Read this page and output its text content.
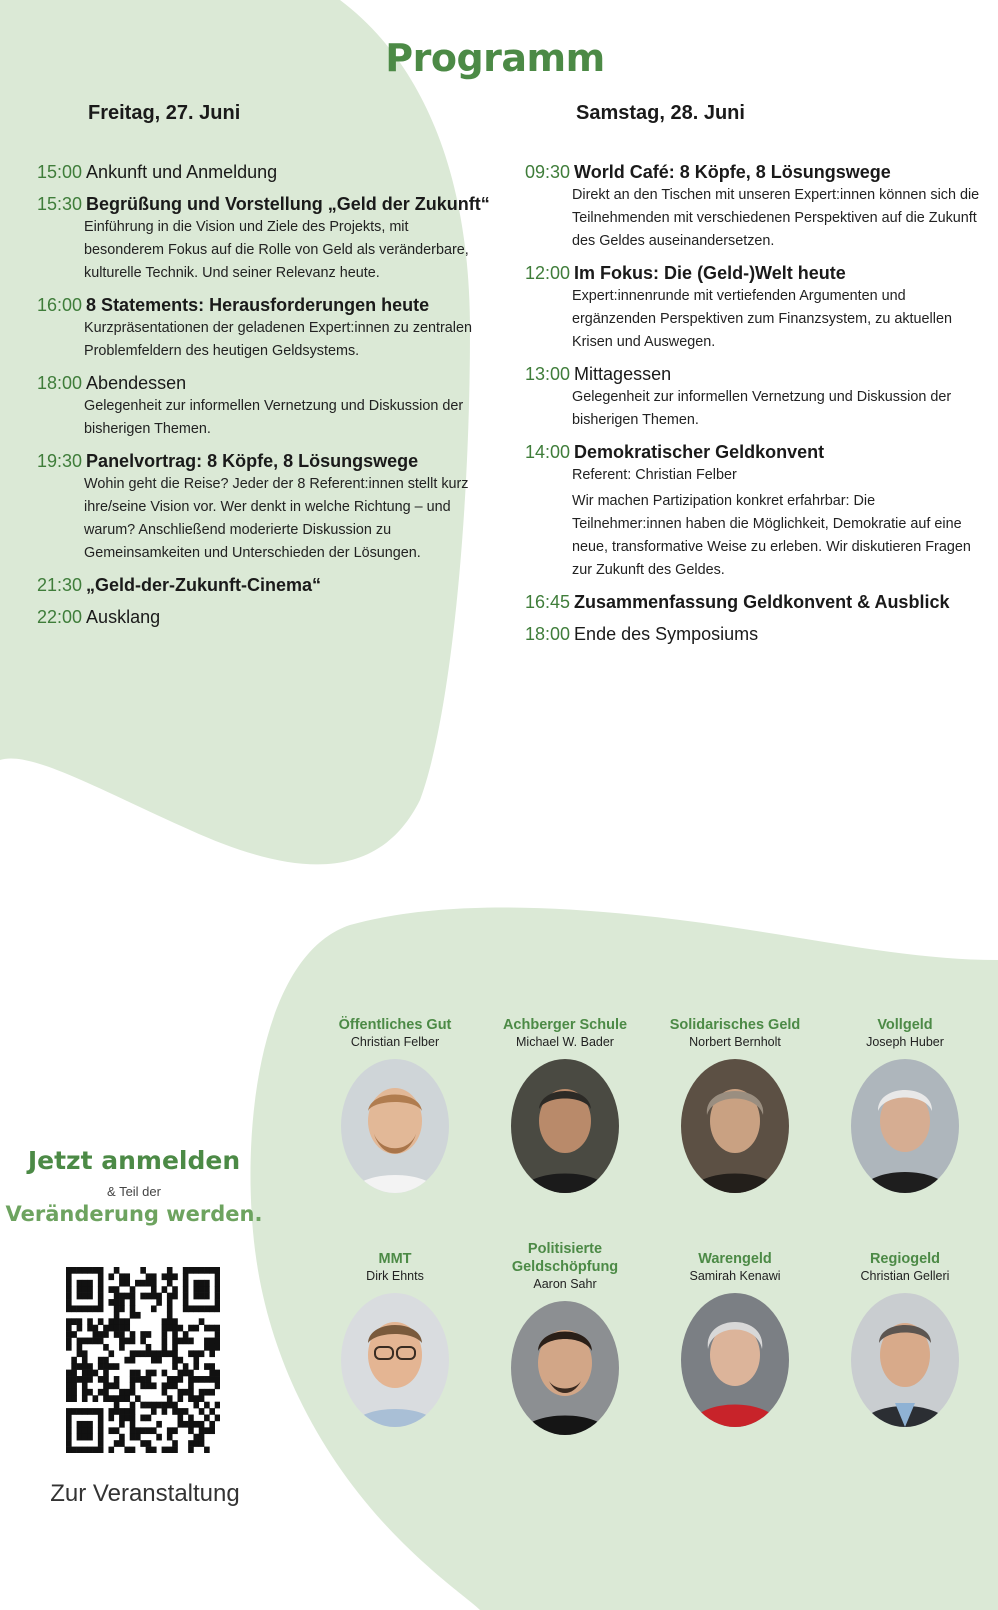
Programm
Freitag, 27. Juni	Samstag, 28. Juni
15:00 Ankunft und Anmeldung
15:30 Begrüßung und Vorstellung „Geld der Zukunft“

Einführung in die Vision und Ziele des Projekts, mit besonderem Fokus auf die Rolle von Geld als veränderbare, kulturelle Technik. Und seiner Relevanz heute.

16:00 8 Statements: Herausforderungen heute

Kurzpräsentationen der geladenen Expert:innen zu zentralen Problemfeldern des heutigen Geldsystems.

18:00 Abendessen

Gelegenheit zur informellen Vernetzung und Diskussion der bisherigen Themen.

19:30 Panelvortrag: 8 Köpfe, 8 Lösungswege

Wohin geht die Reise? Jeder der 8 Referent:innen stellt kurz ihre/seine Vision vor. Wer denkt in welche Richtung – und warum? Anschließend moderierte Diskussion zu Gemeinsamkeiten und Unterschieden der Lösungen.

21:30 „Geld-der-Zukunft-Cinema“
22:00 Ausklang
09:30 World Café: 8 Köpfe, 8 Lösungswege

Direkt an den Tischen mit unseren Expert:innen können sich die Teilnehmenden mit verschiedenen Perspektiven auf die Zukunft des Geldes auseinandersetzen.

12:00 Im Fokus: Die (Geld-)Welt heute

Expert:innenrunde mit vertiefenden Argumenten und ergänzenden Perspektiven zum Finanzsystem, zu aktuellen Krisen und Auswegen.

13:00 Mittagessen

Gelegenheit zur informellen Vernetzung und Diskussion der bisherigen Themen.

14:00 Demokratischer Geldkonvent

Referent: Christian Felber

Wir machen Partizipation konkret erfahrbar: Die Teilnehmer:innen haben die Möglichkeit, Demokratie auf eine neue, transformative Weise zu erleben. Wir diskutieren Fragen zur Zukunft des Geldes.

16:45 Zusammenfassung Geldkonvent & Ausblick
18:00 Ende des Symposiums
Jetzt anmelden
& Teil der
Veränderung werden.
Zur Veranstaltung
Öffentliches Gut
Christian Felber
Achberger Schule
Michael W. Bader
Solidarisches Geld
Norbert Bernholt
Vollgeld
Joseph Huber
MMT
Dirk Ehnts
Politisierte Geldschöpfung
Aaron Sahr
Warengeld
Samirah Kenawi
Regiogeld
Christian Gelleri
